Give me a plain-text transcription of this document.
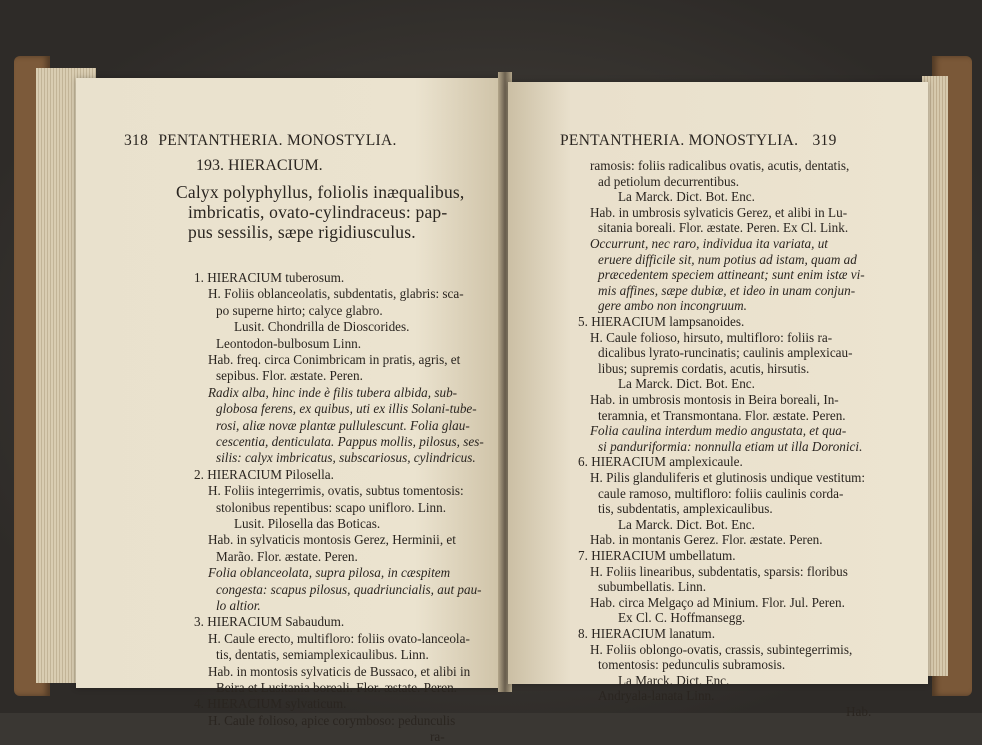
318 PENTANTHERIA. MONOSTYLIA.
193. HIERACIUM.
Calyx polyphyllus, foliolis inæqualibus,
imbricatis, ovato-cylindraceus: pap-
pus sessilis, sæpe rigidiusculus.
1. HIERACIUM tuberosum.
H. Foliis oblanceolatis, subdentatis, glabris: sca-
po superne hirto; calyce glabro.
Lusit. Chondrilla de Dioscorides.
Leontodon-bulbosum Linn.
Hab. freq. circa Conimbricam in pratis, agris, et
sepibus. Flor. æstate. Peren.
Radix alba, hinc inde è filis tubera albida, sub-
globosa ferens, ex quibus, uti ex illis Solani-tube-
rosi, aliæ novæ plantæ pullulescunt. Folia glau-
cescentia, denticulata. Pappus mollis, pilosus, ses-
silis: calyx imbricatus, subscariosus, cylindricus.
2. HIERACIUM Pilosella.
H. Foliis integerrimis, ovatis, subtus tomentosis:
stolonibus repentibus: scapo unifloro. Linn.
Lusit. Pilosella das Boticas.
Hab. in sylvaticis montosis Gerez, Herminii, et
Marão. Flor. æstate. Peren.
Folia oblanceolata, supra pilosa, in cæspitem
congesta: scapus pilosus, quadriuncialis, aut pau-
lo altior.
3. HIERACIUM Sabaudum.
H. Caule erecto, multifloro: foliis ovato-lanceola-
tis, dentatis, semiamplexicaulibus. Linn.
Hab. in montosis sylvaticis de Bussaco, et alibi in
Beira et Lusitania boreali. Flor. æstate. Peren.
4. HIERACIUM sylvaticum.
H. Caule folioso, apice corymboso: pedunculis
ra-
PENTANTHERIA. MONOSTYLIA. 319
ramosis: foliis radicalibus ovatis, acutis, dentatis,
ad petiolum decurrentibus.
La Marck. Dict. Bot. Enc.
Hab. in umbrosis sylvaticis Gerez, et alibi in Lu-
sitania boreali. Flor. æstate. Peren. Ex Cl. Link.
Occurrunt, nec raro, individua ita variata, ut
eruere difficile sit, num potius ad istam, quam ad
præcedentem speciem attineant; sunt enim istæ vi-
mis affines, sæpe dubiæ, et ideo in unam conjun-
gere ambo non incongruum.
5. HIERACIUM lampsanoides.
H. Caule folioso, hirsuto, multifloro: foliis ra-
dicalibus lyrato-runcinatis; caulinis amplexicau-
libus; supremis cordatis, acutis, hirsutis.
La Marck. Dict. Bot. Enc.
Hab. in umbrosis montosis in Beira boreali, In-
teramnia, et Transmontana. Flor. æstate. Peren.
Folia caulina interdum medio angustata, et qua-
si panduriformia: nonnulla etiam ut illa Doronici.
6. HIERACIUM amplexicaule.
H. Pilis glanduliferis et glutinosis undique vestitum:
caule ramoso, multifloro: foliis caulinis corda-
tis, subdentatis, amplexicaulibus.
La Marck. Dict. Bot. Enc.
Hab. in montanis Gerez. Flor. æstate. Peren.
7. HIERACIUM umbellatum.
H. Foliis linearibus, subdentatis, sparsis: floribus
subumbellatis. Linn.
Hab. circa Melgaço ad Minium. Flor. Jul. Peren.
Ex Cl. C. Hoffmansegg.
8. HIERACIUM lanatum.
H. Foliis oblongo-ovatis, crassis, subintegerrimis,
tomentosis: pedunculis subramosis.
La Marck. Dict. Enc.
Andryala-lanata Linn.
Hab.
